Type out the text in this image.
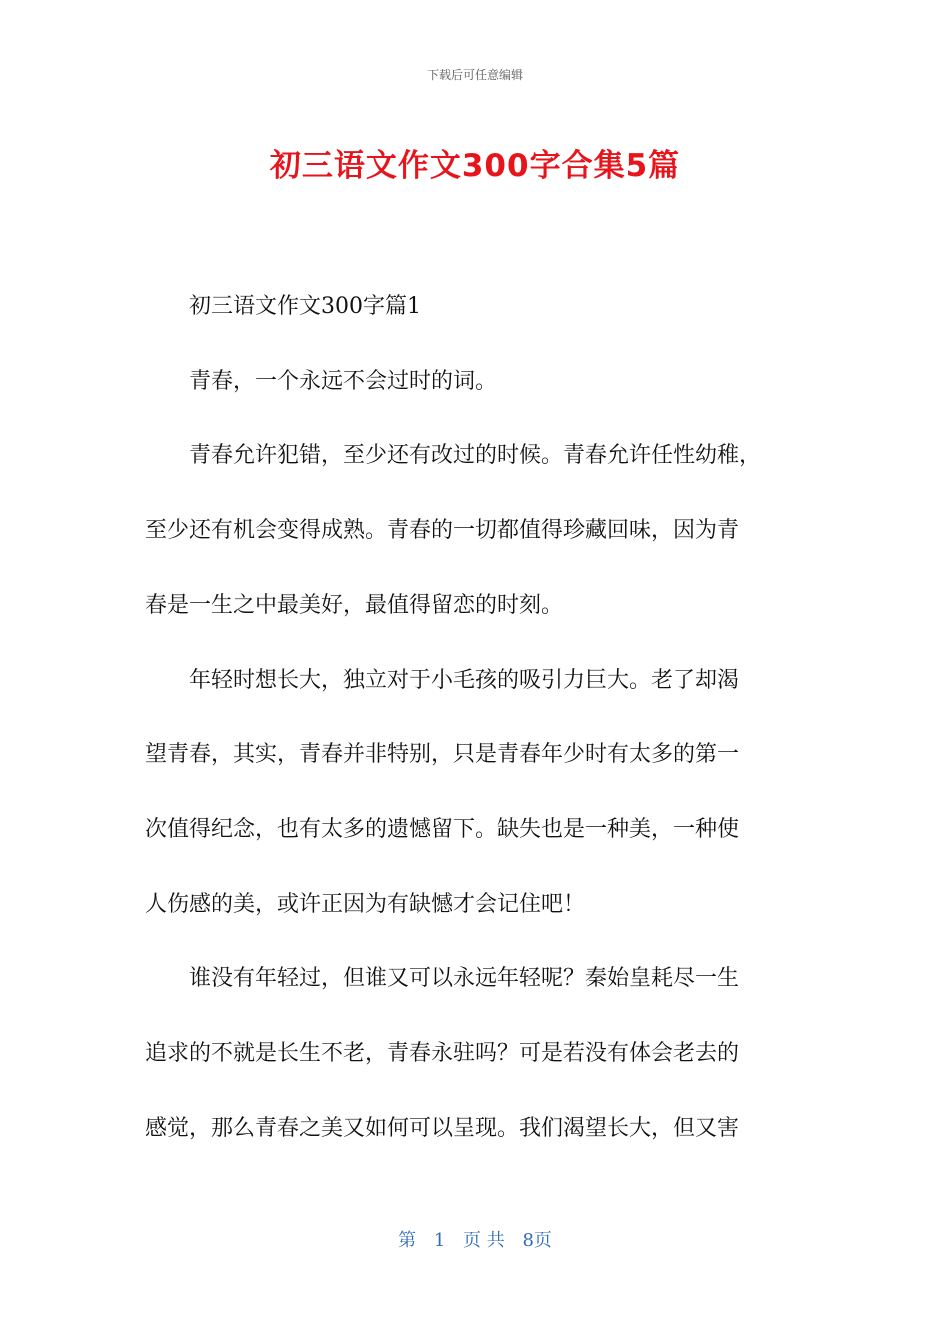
下载后可任意编辑
初三语文作文300字合集5篇

初三语文作文300字篇1

青春，一个永远不会过时的词。

青春允许犯错，至少还有改过的时候。青春允许任性幼稚，

至少还有机会变得成熟。青春的一切都值得珍藏回味，因为青

春是一生之中最美好，最值得留恋的时刻。

年轻时想长大，独立对于小毛孩的吸引力巨大。老了却渴

望青春，其实，青春并非特别，只是青春年少时有太多的第一

次值得纪念，也有太多的遗憾留下。缺失也是一种美，一种使

人伤感的美，或许正因为有缺憾才会记住吧！

谁没有年轻过，但谁又可以永远年轻呢？秦始皇耗尽一生

追求的不就是长生不老，青春永驻吗？可是若没有体会老去的

感觉，那么青春之美又如何可以呈现。我们渴望长大，但又害

第 1 页 共 8页
